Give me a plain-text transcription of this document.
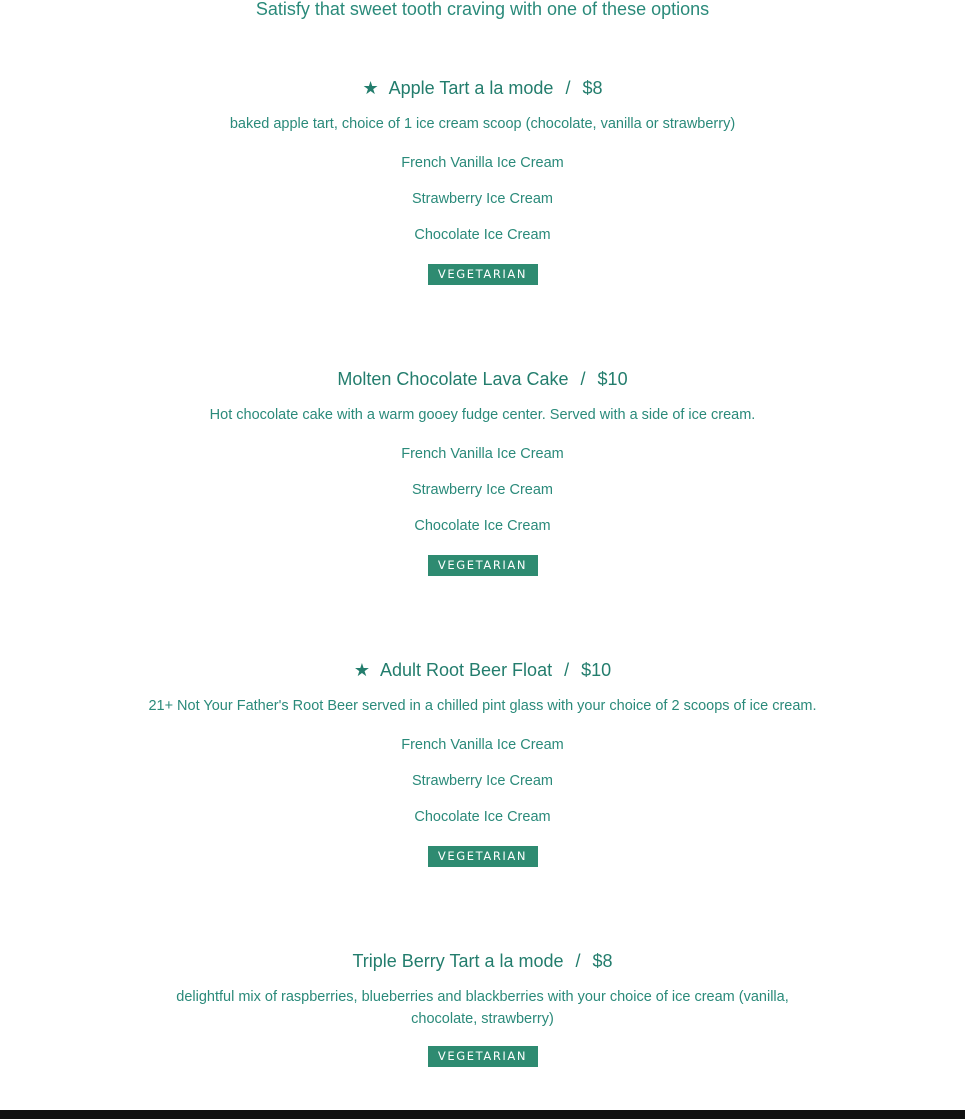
Satisfy that sweet tooth craving with one of these options

★ Apple Tart a la mode / $8

baked apple tart, choice of 1 ice cream scoop (chocolate, vanilla or strawberry)

French Vanilla Ice Cream
Strawberry Ice Cream
Chocolate Ice Cream
VEGETARIAN

Molten Chocolate Lava Cake / $10

Hot chocolate cake with a warm gooey fudge center. Served with a side of ice cream.

French Vanilla Ice Cream
Strawberry Ice Cream
Chocolate Ice Cream
VEGETARIAN

★ Adult Root Beer Float / $10

21+ Not Your Father's Root Beer served in a chilled pint glass with your choice of 2 scoops of ice cream.

French Vanilla Ice Cream
Strawberry Ice Cream
Chocolate Ice Cream
VEGETARIAN

Triple Berry Tart a la mode / $8

delightful mix of raspberries, blueberries and blackberries with your choice of ice cream (vanilla, chocolate, strawberry)

VEGETARIAN
